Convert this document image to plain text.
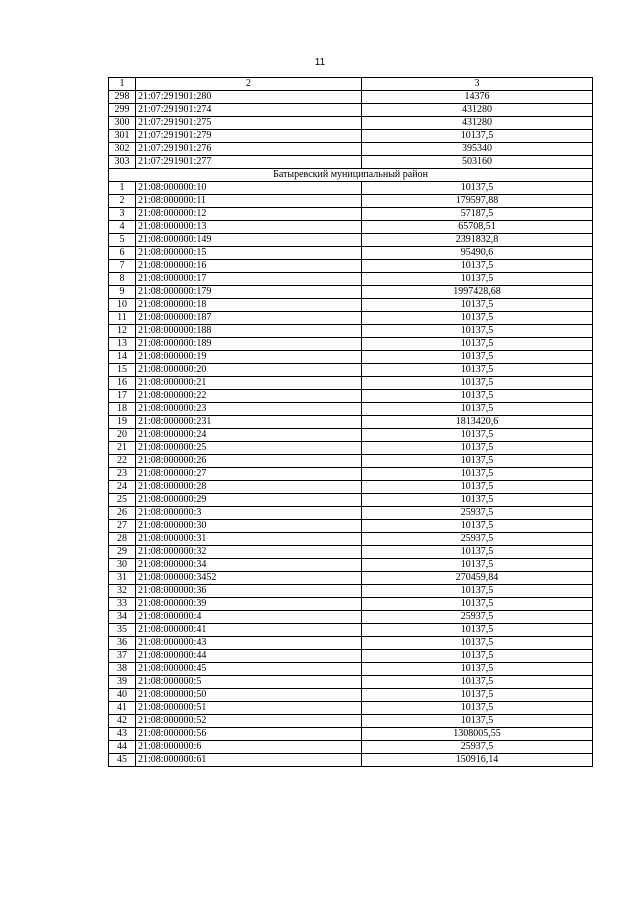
11
1	2	3
298	21:07:291901:280	14376
299	21:07:291901:274	431280
300	21:07:291901:275	431280
301	21:07:291901:279	10137,5
302	21:07:291901:276	395340
303	21:07:291901:277	503160
Батыревский муниципальный район		
1	21:08:000000:10	10137,5
2	21:08:000000:11	179597,88
3	21:08:000000:12	57187,5
4	21:08:000000:13	65708,51
5	21:08:000000:149	2391832,8
6	21:08:000000:15	95490,6
7	21:08:000000:16	10137,5
8	21:08:000000:17	10137,5
9	21:08:000000:179	1997428,68
10	21:08:000000:18	10137,5
11	21:08:000000:187	10137,5
12	21:08:000000:188	10137,5
13	21:08:000000:189	10137,5
14	21:08:000000:19	10137,5
15	21:08:000000:20	10137,5
16	21:08:000000:21	10137,5
17	21:08:000000:22	10137,5
18	21:08:000000:23	10137,5
19	21:08:000000:231	1813420,6
20	21:08:000000:24	10137,5
21	21:08:000000:25	10137,5
22	21:08:000000:26	10137,5
23	21:08:000000:27	10137,5
24	21:08:000000:28	10137,5
25	21:08:000000:29	10137,5
26	21:08:000000:3	25937,5
27	21:08:000000:30	10137,5
28	21:08:000000:31	25937,5
29	21:08:000000:32	10137,5
30	21:08:000000:34	10137,5
31	21:08:000000:3452	270459,84
32	21:08:000000:36	10137,5
33	21:08:000000:39	10137,5
34	21:08:000000:4	25937,5
35	21:08:000000:41	10137,5
36	21:08:000000:43	10137,5
37	21:08:000000:44	10137,5
38	21:08:000000:45	10137,5
39	21:08:000000:5	10137,5
40	21:08:000000:50	10137,5
41	21:08:000000:51	10137,5
42	21:08:000000:52	10137,5
43	21:08:000000:56	1308005,55
44	21:08:000000:6	25937,5
45	21:08:000000:61	150916,14
